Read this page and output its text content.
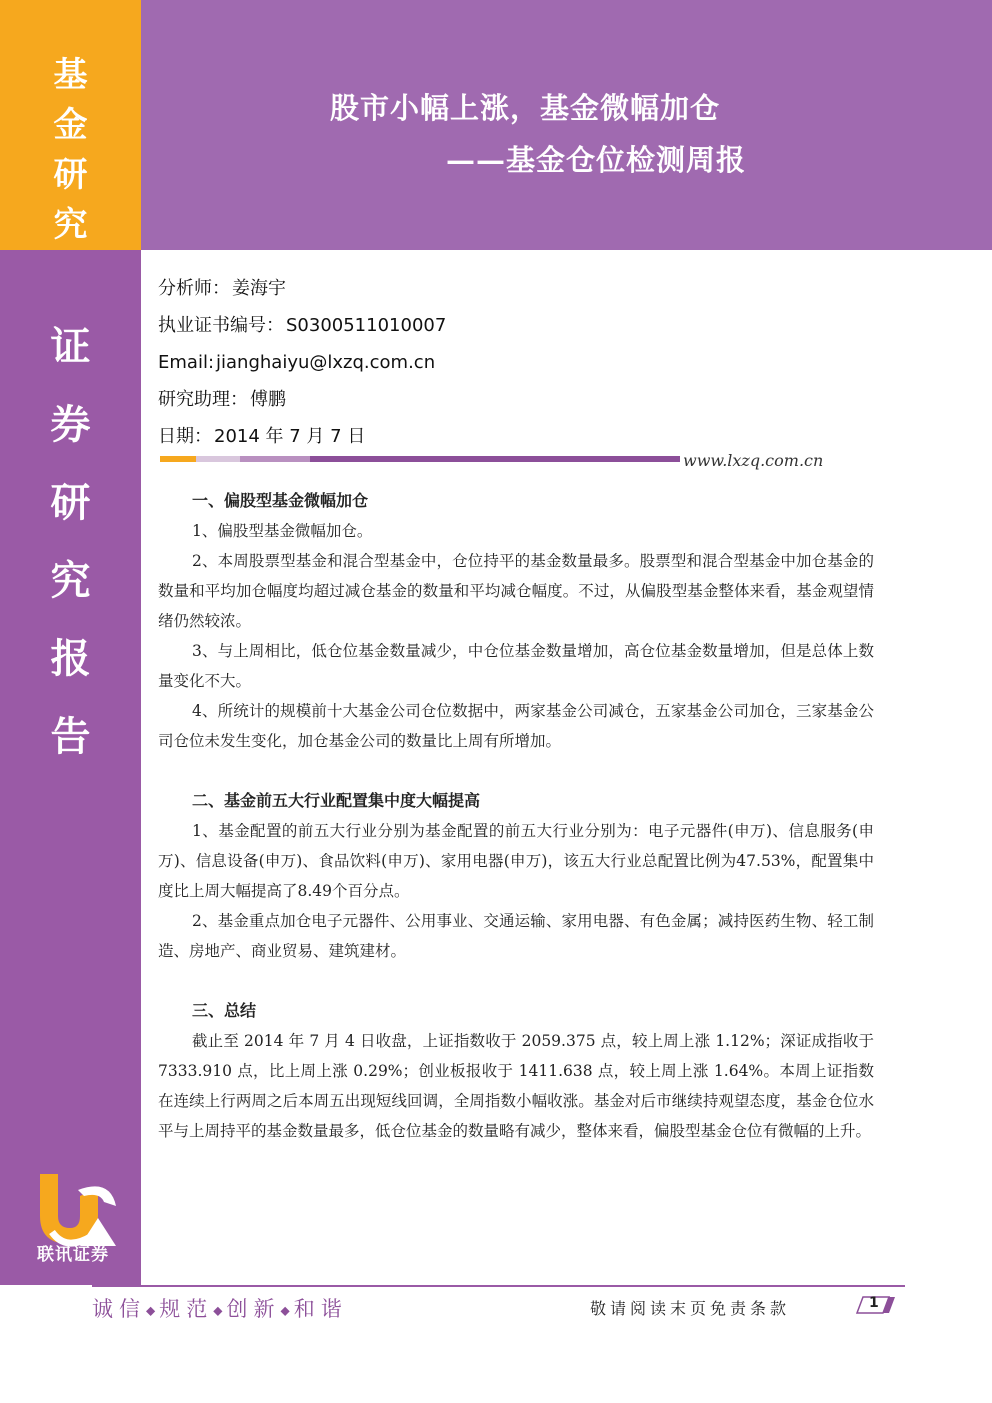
基
金
研
究
证
券
研
究
报
告
联讯证券
股市小幅上涨，基金微幅加仓
——基金仓位检测周报
分析师： 姜海宇
执业证书编号： S0300511010007
Email: jianghaiyu@lxzq.com.cn
研究助理： 傅鹏
日期： 2014 年 7 月 7 日
www.lxzq.com.cn
一、偏股型基金微幅加仓
1、偏股型基金微幅加仓。
2、本周股票型基金和混合型基金中，仓位持平的基金数量最多。股票型和混合型基金中加仓基金的数量和平均加仓幅度均超过减仓基金的数量和平均减仓幅度。不过，从偏股型基金整体来看，基金观望情绪仍然较浓。
3、与上周相比，低仓位基金数量减少，中仓位基金数量增加，高仓位基金数量增加，但是总体上数量变化不大。
4、所统计的规模前十大基金公司仓位数据中，两家基金公司减仓，五家基金公司加仓，三家基金公司仓位未发生变化，加仓基金公司的数量比上周有所增加。
二、基金前五大行业配置集中度大幅提高
1、基金配置的前五大行业分别为基金配置的前五大行业分别为：电子元器件(申万)、信息服务(申万)、信息设备(申万)、食品饮料(申万)、家用电器(申万)，该五大行业总配置比例为47.53%，配置集中度比上周大幅提高了8.49个百分点。
2、基金重点加仓电子元器件、公用事业、交通运输、家用电器、有色金属；减持医药生物、轻工制造、房地产、商业贸易、建筑建材。
三、总结
截止至 2014 年 7 月 4 日收盘，上证指数收于 2059.375 点，较上周上涨 1.12%；深证成指收于 7333.910 点，比上周上涨 0.29%；创业板报收于 1411.638 点，较上周上涨 1.64%。本周上证指数在连续上行两周之后本周五出现短线回调，全周指数小幅收涨。基金对后市继续持观望态度，基金仓位水平与上周持平的基金数量最多，低仓位基金的数量略有减少，整体来看，偏股型基金仓位有微幅的上升。
诚信◆规范◆创新◆和谐	敬请阅读末页免责条款	1
